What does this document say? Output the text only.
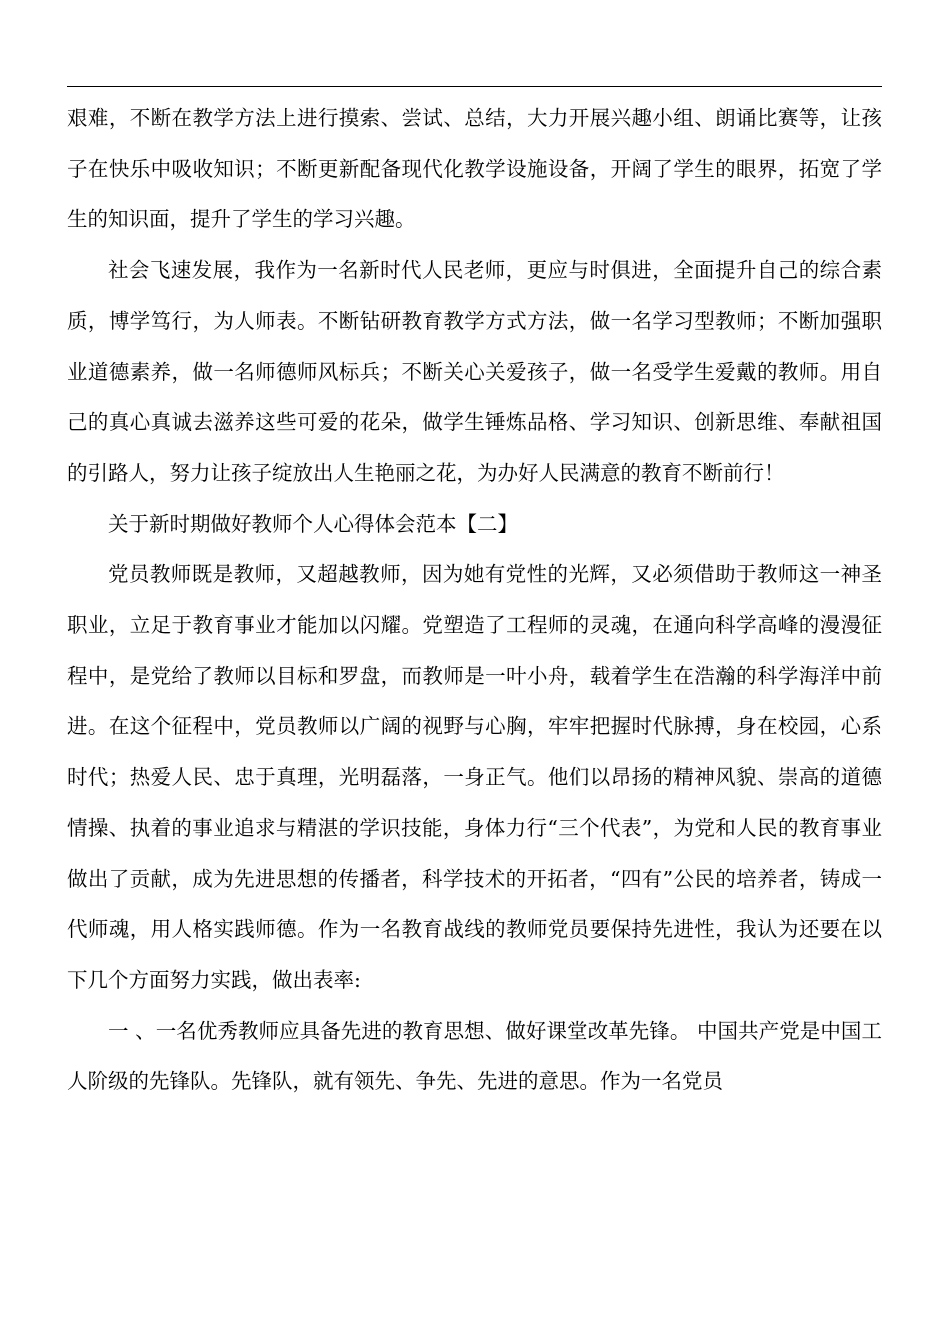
艰难，不断在教学方法上进行摸索、尝试、总结，大力开展兴趣小组、朗诵比赛等，让孩子在快乐中吸收知识；不断更新配备现代化教学设施设备，开阔了学生的眼界，拓宽了学生的知识面，提升了学生的学习兴趣。

社会飞速发展，我作为一名新时代人民老师，更应与时俱进，全面提升自己的综合素质，博学笃行，为人师表。不断钻研教育教学方式方法，做一名学习型教师；不断加强职业道德素养，做一名师德师风标兵；不断关心关爱孩子，做一名受学生爱戴的教师。用自己的真心真诚去滋养这些可爱的花朵，做学生锤炼品格、学习知识、创新思维、奉献祖国的引路人，努力让孩子绽放出人生艳丽之花，为办好人民满意的教育不断前行！

关于新时期做好教师个人心得体会范本【二】

党员教师既是教师，又超越教师，因为她有党性的光辉，又必须借助于教师这一神圣职业，立足于教育事业才能加以闪耀。党塑造了工程师的灵魂，在通向科学高峰的漫漫征程中，是党给了教师以目标和罗盘，而教师是一叶小舟，载着学生在浩瀚的科学海洋中前进。在这个征程中，党员教师以广阔的视野与心胸，牢牢把握时代脉搏，身在校园，心系时代；热爱人民、忠于真理，光明磊落，一身正气。他们以昂扬的精神风貌、崇高的道德情操、执着的事业追求与精湛的学识技能，身体力行“三个代表”，为党和人民的教育事业做出了贡献，成为先进思想的传播者，科学技术的开拓者，“四有”公民的培养者，铸成一代师魂，用人格实践师德。作为一名教育战线的教师党员要保持先进性，我认为还要在以下几个方面努力实践，做出表率:

一 、一名优秀教师应具备先进的教育思想、做好课堂改革先锋。 中国共产党是中国工人阶级的先锋队。先锋队，就有领先、争先、先进的意思。作为一名党员
